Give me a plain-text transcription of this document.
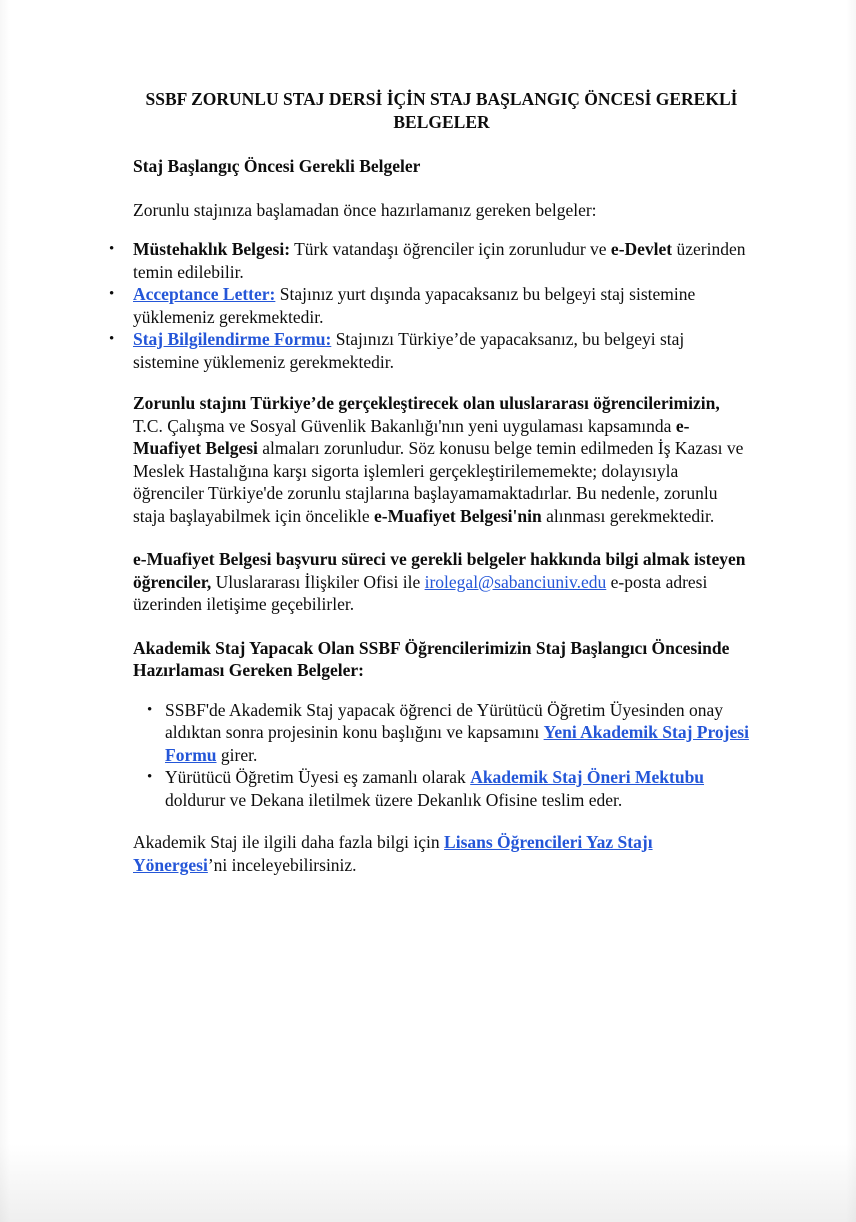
SSBF ZORUNLU STAJ DERSİ İÇİN STAJ BAŞLANGIÇ ÖNCESİ GEREKLİ BELGELER

Staj Başlangıç Öncesi Gerekli Belgeler

Zorunlu stajınıza başlamadan önce hazırlamanız gereken belgeler:

• Müstehaklık Belgesi: Türk vatandaşı öğrenciler için zorunludur ve e-Devlet üzerinden temin edilebilir.
• Acceptance Letter: Stajınız yurt dışında yapacaksanız bu belgeyi staj sistemine yüklemeniz gerekmektedir.
• Staj Bilgilendirme Formu: Stajınızı Türkiye’de yapacaksanız, bu belgeyi staj sistemine yüklemeniz gerekmektedir.

Zorunlu stajını Türkiye’de gerçekleştirecek olan uluslararası öğrencilerimizin, T.C. Çalışma ve Sosyal Güvenlik Bakanlığı'nın yeni uygulaması kapsamında e-Muafiyet Belgesi almaları zorunludur. Söz konusu belge temin edilmeden İş Kazası ve Meslek Hastalığına karşı sigorta işlemleri gerçekleştirilememekte; dolayısıyla öğrenciler Türkiye'de zorunlu stajlarına başlayamamaktadırlar. Bu nedenle, zorunlu staja başlayabilmek için öncelikle e-Muafiyet Belgesi'nin alınması gerekmektedir.

e-Muafiyet Belgesi başvuru süreci ve gerekli belgeler hakkında bilgi almak isteyen öğrenciler, Uluslararası İlişkiler Ofisi ile irolegal@sabanciuniv.edu e-posta adresi üzerinden iletişime geçebilirler.

Akademik Staj Yapacak Olan SSBF Öğrencilerimizin Staj Başlangıcı Öncesinde Hazırlaması Gereken Belgeler:

• SSBF'de Akademik Staj yapacak öğrenci de Yürütücü Öğretim Üyesinden onay aldıktan sonra projesinin konu başlığını ve kapsamını Yeni Akademik Staj Projesi Formu girer.
• Yürütücü Öğretim Üyesi eş zamanlı olarak Akademik Staj Öneri Mektubu doldurur ve Dekana iletilmek üzere Dekanlık Ofisine teslim eder.

Akademik Staj ile ilgili daha fazla bilgi için Lisans Öğrencileri Yaz Stajı Yönergesi’ni inceleyebilirsiniz.
